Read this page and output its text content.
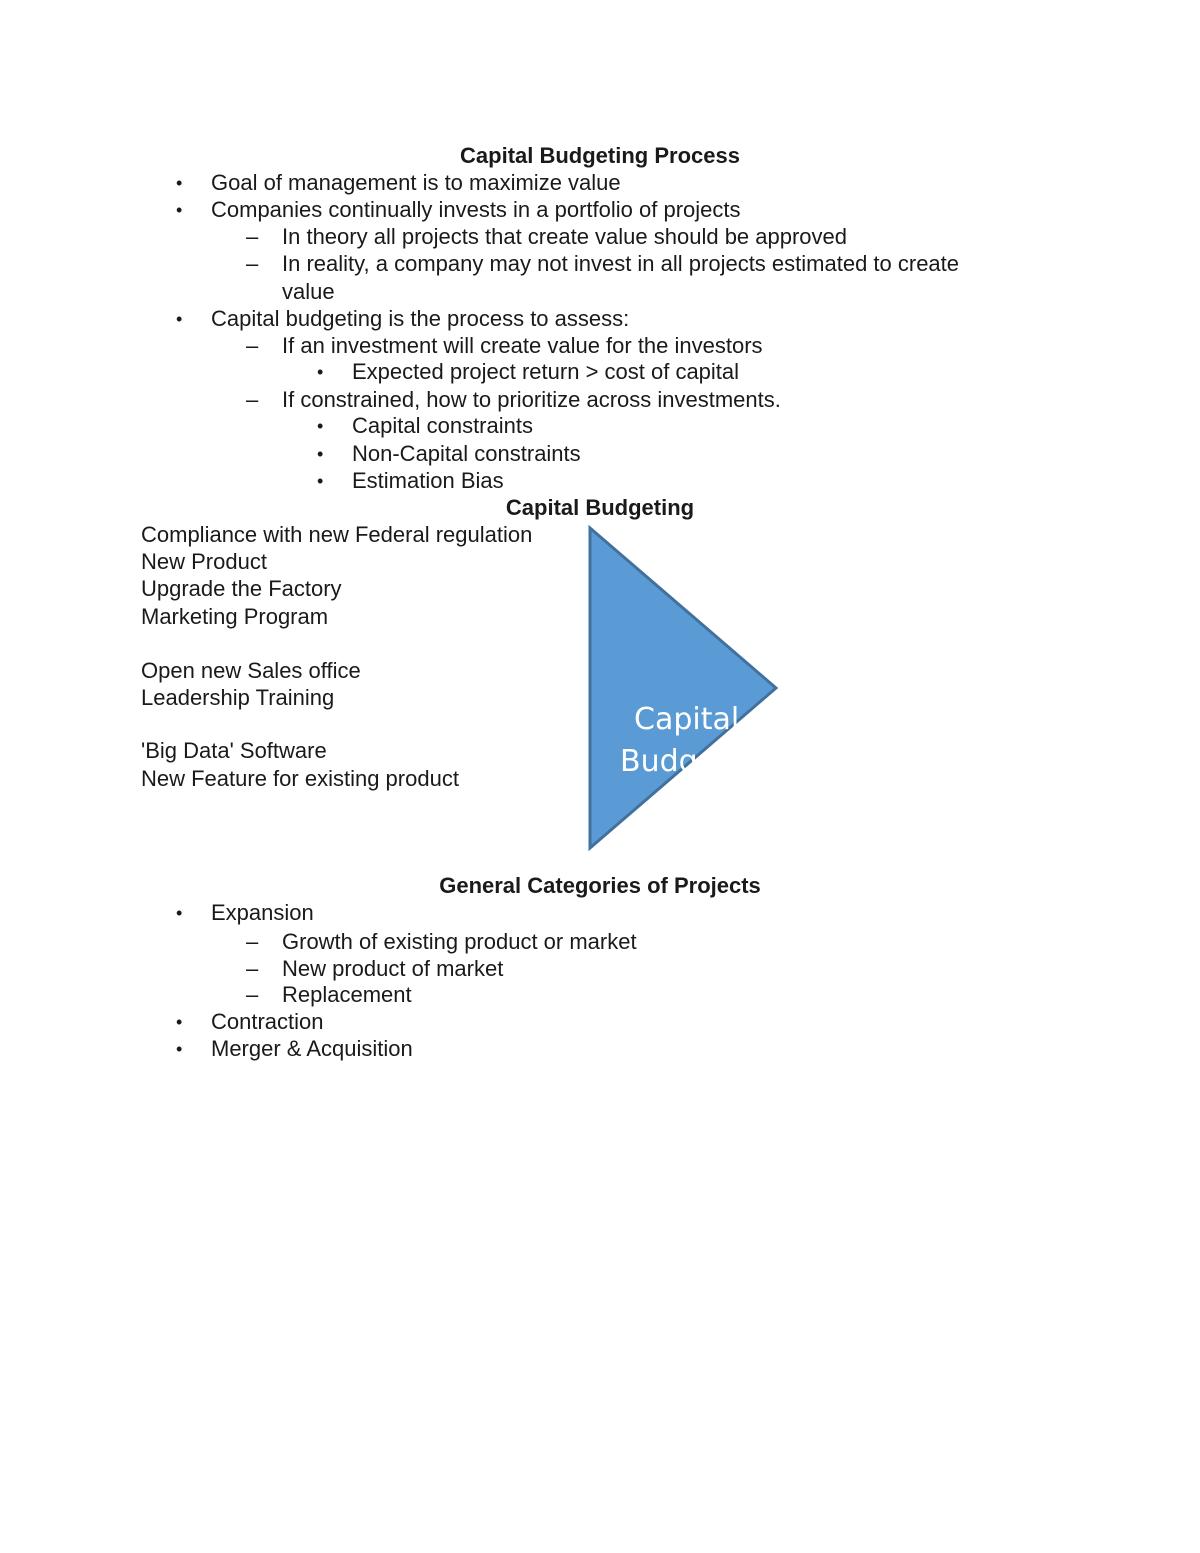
Capital Budgeting Process
• Goal of management is to maximize value
• Companies continually invests in a portfolio of projects
– In theory all projects that create value should be approved
– In reality, a company may not invest in all projects estimated to create
value
• Capital budgeting is the process to assess:
– If an investment will create value for the investors
• Expected project return > cost of capital
– If constrained, how to prioritize across investments.
• Capital constraints
• Non-Capital constraints
• Estimation Bias
Capital Budgeting
Compliance with new Federal regulation
New Product
Upgrade the Factory
Marketing Program
Open new Sales office
Leadership Training
'Big Data' Software
New Feature for existing product
Capital
Budgeting
General Categories of Projects
• Expansion
– Growth of existing product or market
– New product of market
– Replacement
• Contraction
• Merger & Acquisition
